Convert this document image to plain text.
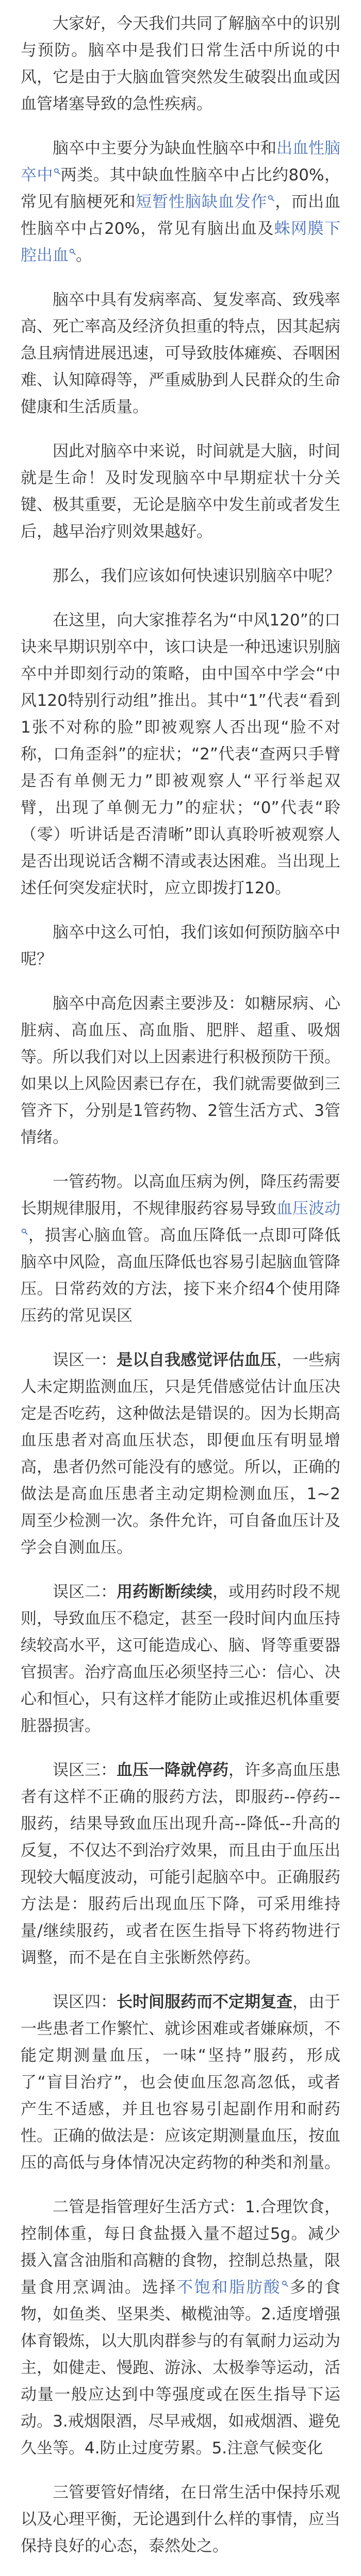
大家好，今天我们共同了解脑卒中的识别与预防。脑卒中是我们日常生活中所说的中风，它是由于大脑血管突然发生破裂出血或因血管堵塞导致的急性疾病。

脑卒中主要分为缺血性脑卒中和出血性脑卒中 两类。其中缺血性脑卒中占比约80%，常见有脑梗死和短暂性脑缺血发作 ，而出血性脑卒中占20%，常见有脑出血及蛛网膜下腔出血 。

脑卒中具有发病率高、复发率高、致残率高、死亡率高及经济负担重的特点，因其起病急且病情进展迅速，可导致肢体瘫痪、吞咽困难、认知障碍等，严重威胁到人民群众的生命健康和生活质量。

因此对脑卒中来说，时间就是大脑，时间就是生命！及时发现脑卒中早期症状十分关键、极其重要，无论是脑卒中发生前或者发生后，越早治疗则效果越好。

那么，我们应该如何快速识别脑卒中呢？

在这里，向大家推荐名为“中风120”的口诀来早期识别卒中，该口诀是一种迅速识别脑卒中并即刻行动的策略，由中国卒中学会“中风120特别行动组”推出。其中“1”代表“看到1张不对称的脸”即被观察人否出现“脸不对称，口角歪斜”的症状；“2”代表“查两只手臂是否有单侧无力”即被观察人“平行举起双臂，出现了单侧无力”的症状；“0”代表“聆（零）听讲话是否清晰”即认真聆听被观察人是否出现说话含糊不清或表达困难。当出现上述任何突发症状时，应立即拨打120。

脑卒中这么可怕，我们该如何预防脑卒中呢？

脑卒中高危因素主要涉及：如糖尿病、心脏病、高血压、高血脂、肥胖、超重、吸烟等。所以我们对以上因素进行积极预防干预。如果以上风险因素已存在，我们就需要做到三管齐下，分别是1管药物、2管生活方式、3管情绪。

一管药物。以高血压病为例，降压药需要长期规律服用，不规律服药容易导致血压波动
，损害心脑血管。高血压降低一点即可降低脑卒中风险，高血压降低也容易引起脑血管降压。日常药效的方法，接下来介绍4个使用降压药的常见误区

误区一：是以自我感觉评估血压，一些病人未定期监测血压，只是凭借感觉估计血压决定是否吃药，这种做法是错误的。因为长期高血压患者对高血压状态，即便血压有明显增高，患者仍然可能没有的感觉。所以，正确的做法是高血压患者主动定期检测血压，1~2周至少检测一次。条件允许，可自备血压计及学会自测血压。

误区二：用药断断续续，或用药时段不规则，导致血压不稳定，甚至一段时间内血压持续较高水平，这可能造成心、脑、肾等重要器官损害。治疗高血压必须坚持三心：信心、决心和恒心，只有这样才能防止或推迟机体重要脏器损害。

误区三：血压一降就停药，许多高血压患者有这样不正确的服药方法，即服药--停药--服药，结果导致血压出现升高--降低--升高的反复，不仅达不到治疗效果，而且由于血压出现较大幅度波动，可能引起脑卒中。正确服药方法是：服药后出现血压下降，可采用维持量/继续服药，或者在医生指导下将药物进行调整，而不是在自主张断然停药。

误区四：长时间服药而不定期复查，由于一些患者工作繁忙、就诊困难或者嫌麻烦，不能定期测量血压，一味“坚持”服药，形成了“盲目治疗”，也会使血压忽高忽低，或者产生不适感，并且也容易引起副作用和耐药性。正确的做法是：应该定期测量血压，按血压的高低与身体情况决定药物的种类和剂量。

二管是指管理好生活方式：1.合理饮食，控制体重，每日食盐摄入量不超过5g。减少摄入富含油脂和高糖的食物，控制总热量，限量食用烹调油。选择不饱和脂肪酸 多的食物，如鱼类、坚果类、橄榄油等。2.适度增强体育锻炼，以大肌肉群参与的有氧耐力运动为主，如健走、慢跑、游泳、太极拳等运动，活动量一般应达到中等强度或在医生指导下运动。3.戒烟限酒，尽早戒烟，如戒烟酒、避免久坐等。4.防止过度劳累。5.注意气候变化

三管要管好情绪，在日常生活中保持乐观以及心理平衡，无论遇到什么样的事情，应当保持良好的心态，泰然处之。
